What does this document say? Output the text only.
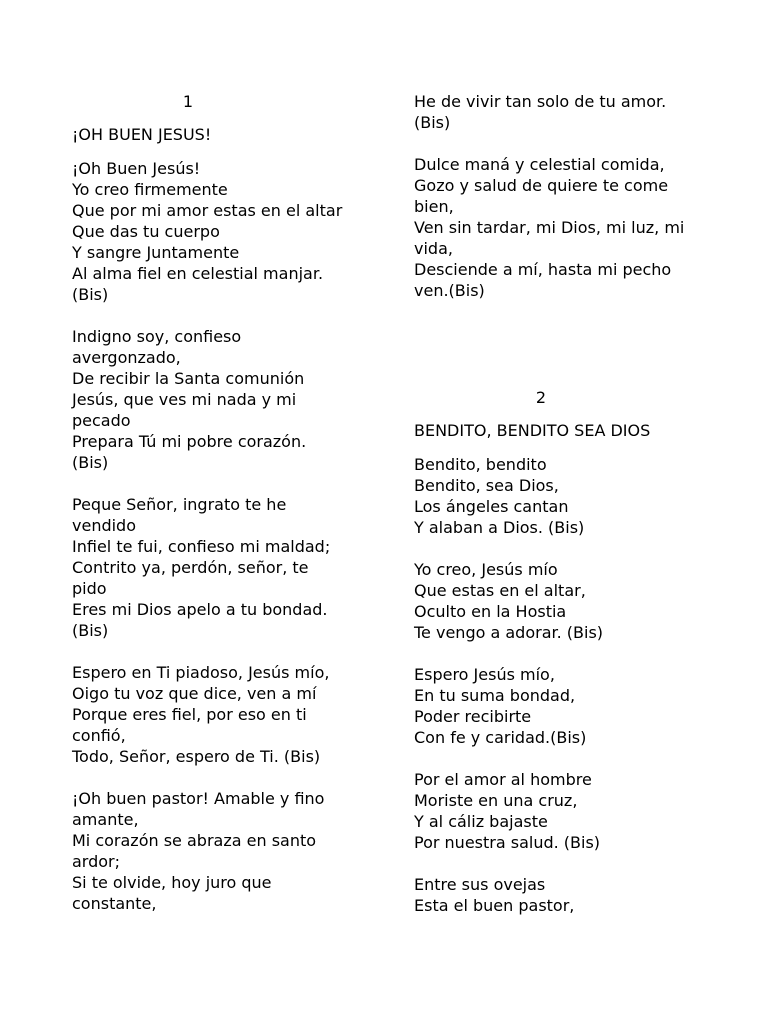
1
¡OH BUEN JESUS!
¡Oh Buen Jesús!
Yo creo firmemente
Que por mi amor estas en el altar
Que das tu cuerpo
Y sangre Juntamente
Al alma fiel en celestial manjar.
(Bis)
Indigno soy, confieso
avergonzado,
De recibir la Santa comunión
Jesús, que ves mi nada y mi
pecado
Prepara Tú mi pobre corazón.
(Bis)
Peque Señor, ingrato te he
vendido
Infiel te fui, confieso mi maldad;
Contrito ya, perdón, señor, te
pido
Eres mi Dios apelo a tu bondad.
(Bis)
Espero en Ti piadoso, Jesús mío,
Oigo tu voz que dice, ven a mí
Porque eres fiel, por eso en ti
confió,
Todo, Señor, espero de Ti. (Bis)
¡Oh buen pastor! Amable y fino
amante,
Mi corazón se abraza en santo
ardor;
Si te olvide, hoy juro que
constante,
He de vivir tan solo de tu amor.
(Bis)
Dulce maná y celestial comida,
Gozo y salud de quiere te come
bien,
Ven sin tardar, mi Dios, mi luz, mi
vida,
Desciende a mí, hasta mi pecho
ven.(Bis)
2
BENDITO, BENDITO SEA DIOS
Bendito, bendito
Bendito, sea Dios,
Los ángeles cantan
Y alaban a Dios. (Bis)
Yo creo, Jesús mío
Que estas en el altar,
Oculto en la Hostia
Te vengo a adorar. (Bis)
Espero Jesús mío,
En tu suma bondad,
Poder recibirte
Con fe y caridad.(Bis)
Por el amor al hombre
Moriste en una cruz,
Y al cáliz bajaste
Por nuestra salud. (Bis)
Entre sus ovejas
Esta el buen pastor,
